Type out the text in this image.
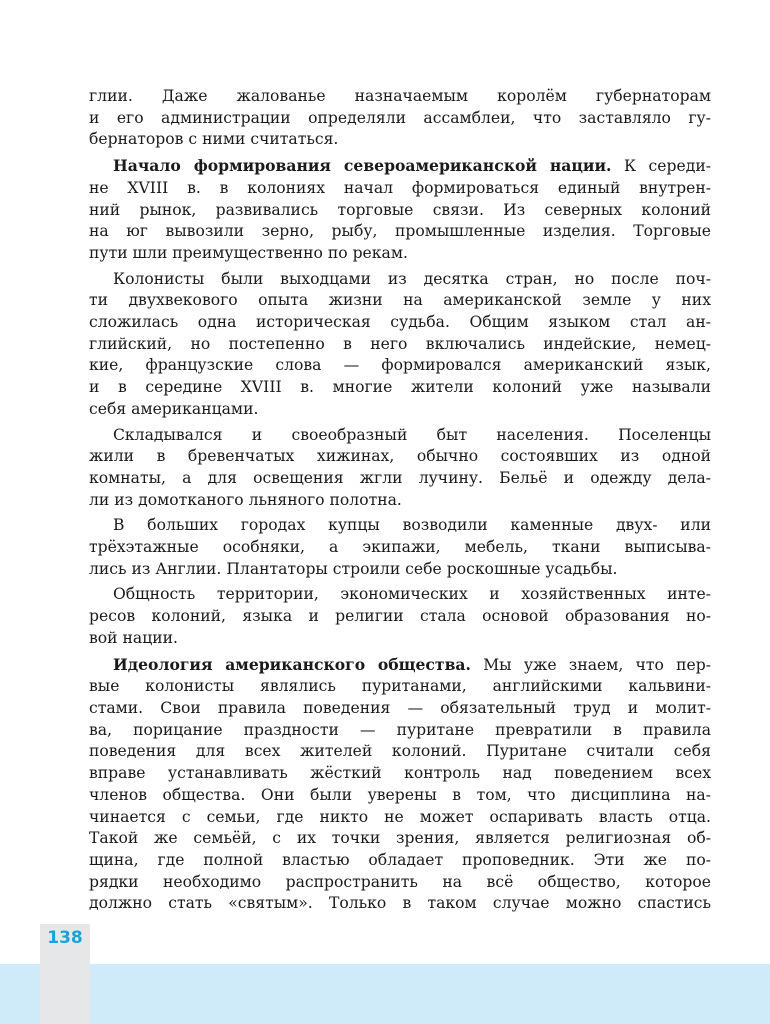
138
глии. Даже жалованье назначаемым королём губернаторам
и его администрации определяли ассамблеи, что заставляло гу-
бернаторов с ними считаться.
Начало формирования североамериканской нации. К середи-
не XVIII в. в колониях начал формироваться единый внутрен-
ний рынок, развивались торговые связи. Из северных колоний
на юг вывозили зерно, рыбу, промышленные изделия. Торговые
пути шли преимущественно по рекам.
Колонисты были выходцами из десятка стран, но после поч-
ти двухвекового опыта жизни на американской земле у них
сложилась одна историческая судьба. Общим языком стал ан-
глийский, но постепенно в него включались индейские, немец-
кие, французские слова — формировался американский язык,
и в середине XVIII в. многие жители колоний уже называли
себя американцами.
Складывался и своеобразный быт населения. Поселенцы
жили в бревенчатых хижинах, обычно состоявших из одной
комнаты, а для освещения жгли лучину. Бельё и одежду дела-
ли из домотканого льняного полотна.
В больших городах купцы возводили каменные двух- или
трёхэтажные особняки, а экипажи, мебель, ткани выписыва-
лись из Англии. Плантаторы строили себе роскошные усадьбы.
Общность территории, экономических и хозяйственных инте-
ресов колоний, языка и религии стала основой образования но-
вой нации.
Идеология американского общества. Мы уже знаем, что пер-
вые колонисты являлись пуританами, английскими кальвини-
стами. Свои правила поведения — обязательный труд и молит-
ва, порицание праздности — пуритане превратили в правила
поведения для всех жителей колоний. Пуритане считали себя
вправе устанавливать жёсткий контроль над поведением всех
членов общества. Они были уверены в том, что дисциплина на-
чинается с семьи, где никто не может оспаривать власть отца.
Такой же семьёй, с их точки зрения, является религиозная об-
щина, где полной властью обладает проповедник. Эти же по-
рядки необходимо распространить на всё общество, которое
должно стать «святым». Только в таком случае можно спастись
